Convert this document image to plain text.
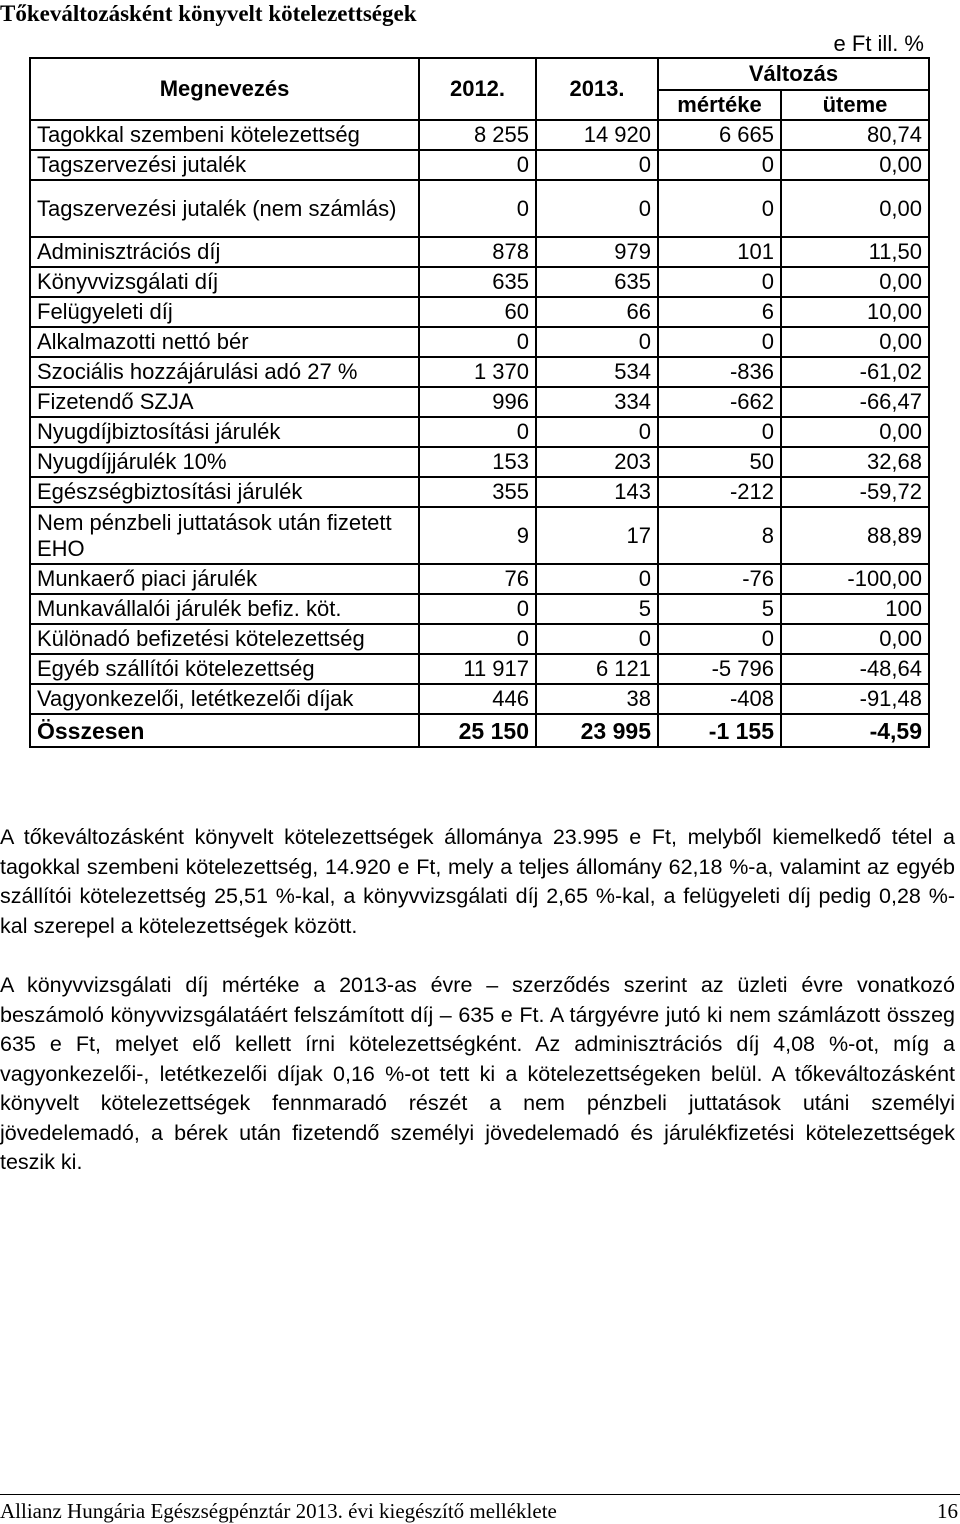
Tőkeváltozásként könyvelt kötelezettségek
e Ft ill. %
Megnevezés	2012.	2013.	Változás	
			mértéke	üteme
Tagokkal szembeni kötelezettség	8 255	14 920	6 665	80,74
Tagszervezési jutalék	0	0	0	0,00
Tagszervezési jutalék (nem számlás)	0	0	0	0,00
Adminisztrációs díj	878	979	101	11,50
Könyvvizsgálati díj	635	635	0	0,00
Felügyeleti díj	60	66	6	10,00
Alkalmazotti nettó bér	0	0	0	0,00
Szociális hozzájárulási adó 27 %	1 370	534	-836	-61,02
Fizetendő SZJA	996	334	-662	-66,47
Nyugdíjbiztosítási járulék	0	0	0	0,00
Nyugdíjjárulék 10%	153	203	50	32,68
Egészségbiztosítási járulék	355	143	-212	-59,72
Nem pénzbeli juttatások után fizetett EHO	9	17	8	88,89
Munkaerő piaci járulék	76	0	-76	-100,00
Munkavállalói járulék befiz. köt.	0	5	5	100
Különadó befizetési kötelezettség	0	0	0	0,00
Egyéb szállítói kötelezettség	11 917	6 121	-5 796	-48,64
Vagyonkezelői, letétkezelői díjak	446	38	-408	-91,48
Összesen	25 150	23 995	-1 155	-4,59
A tőkeváltozásként könyvelt kötelezettségek állománya 23.995 e Ft, melyből kiemelkedő tétel a tagokkal szembeni kötelezettség, 14.920 e Ft, mely a teljes állomány 62,18 %-a, valamint az egyéb szállítói kötelezettség 25,51 %-kal, a könyvvizsgálati díj 2,65 %-kal, a felügyeleti díj pedig 0,28 %-kal szerepel a kötelezettségek között.
A könyvvizsgálati díj mértéke a 2013-as évre – szerződés szerint az üzleti évre vonatkozó beszámoló könyvvizsgálatáért felszámított díj – 635 e Ft. A tárgyévre jutó ki nem számlázott összeg 635 e Ft, melyet elő kellett írni kötelezettségként. Az adminisztrációs díj 4,08 %-ot, míg a vagyonkezelői-, letétkezelői díjak 0,16 %-ot tett ki a kötelezettségeken belül. A tőkeváltozásként könyvelt kötelezettségek fennmaradó részét a nem pénzbeli juttatások utáni személyi jövedelemadó, a bérek után fizetendő személyi jövedelemadó és járulékfizetési kötelezettségek teszik ki.
Allianz Hungária Egészségpénztár 2013. évi kiegészítő melléklete	16
